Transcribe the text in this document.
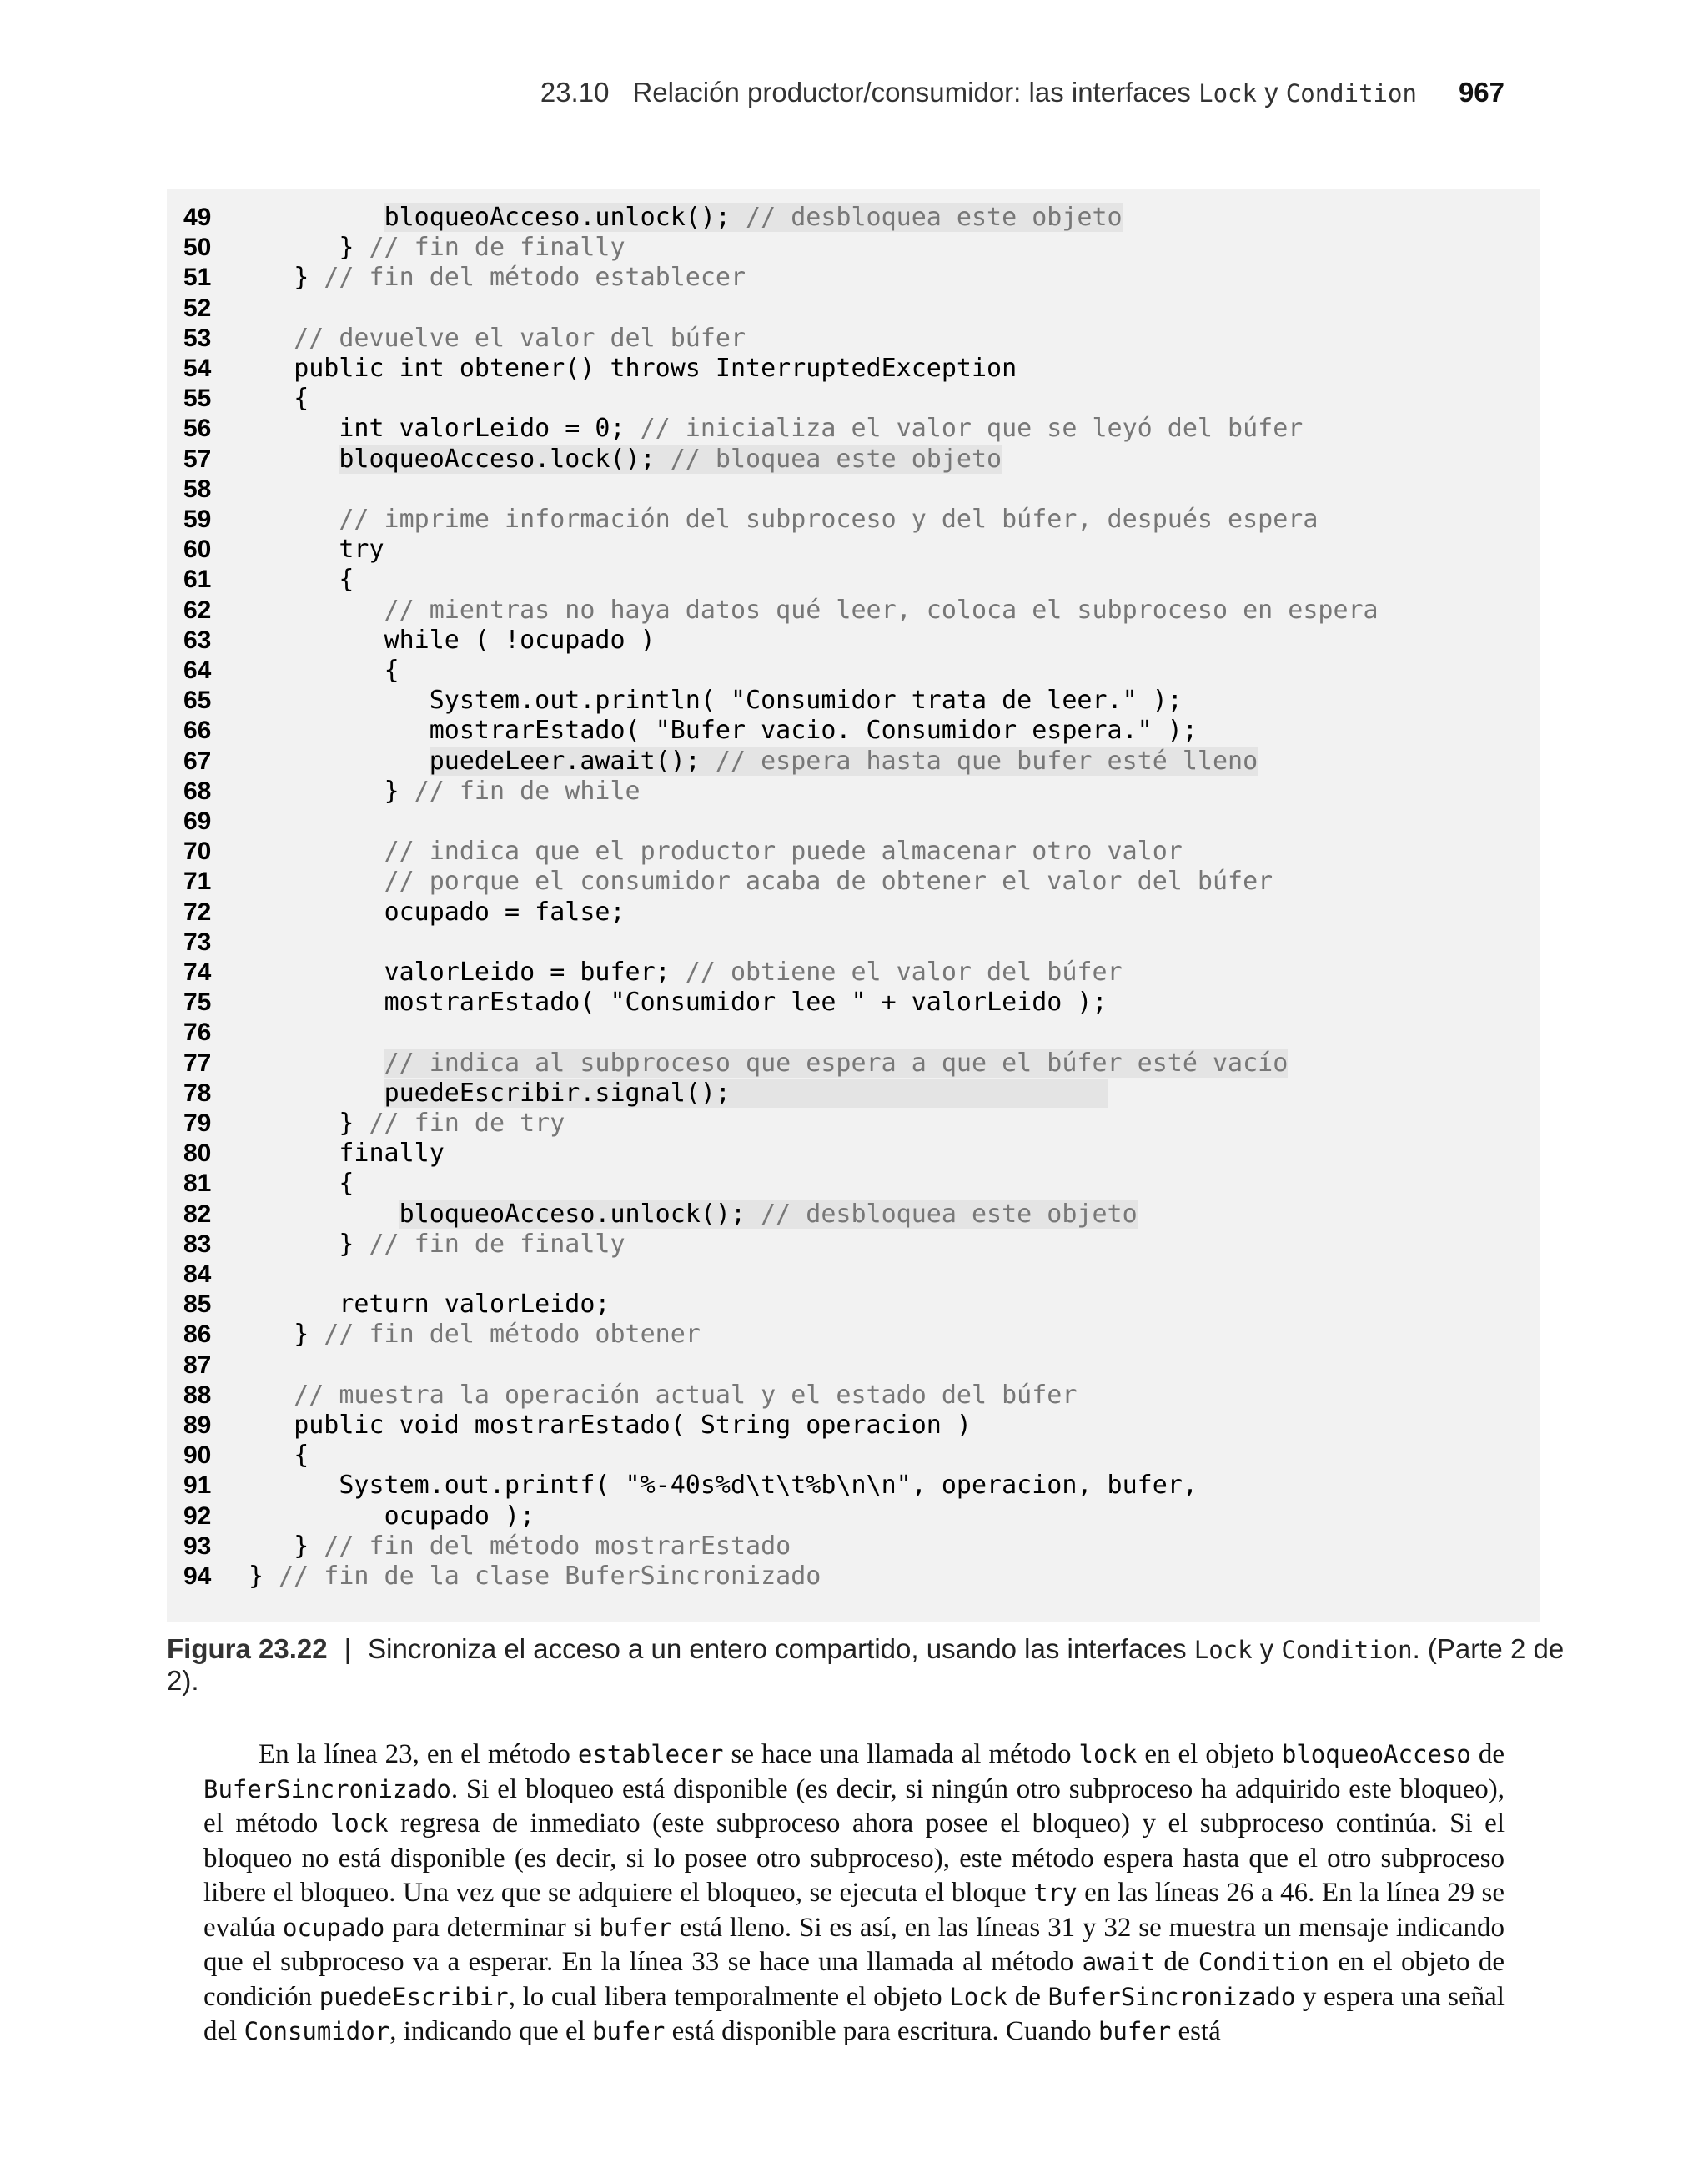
23.10 Relación productor/consumidor: las interfaces Lock y Condition 967
49	bloqueoAcceso.unlock(); // desbloquea este objeto
50	} // fin de finally
51	} // fin del método establecer
52
53	// devuelve el valor del búfer
54	public int obtener() throws InterruptedException
55	{
56	int valorLeido = 0; // inicializa el valor que se leyó del búfer
57	bloqueoAcceso.lock(); // bloquea este objeto
58
59	// imprime información del subproceso y del búfer, después espera
60	try
61	{
62	// mientras no haya datos qué leer, coloca el subproceso en espera
63	while ( !ocupado )
64	{
65	System.out.println( "Consumidor trata de leer." );
66	mostrarEstado( "Bufer vacio. Consumidor espera." );
67	puedeLeer.await(); // espera hasta que bufer esté lleno
68	} // fin de while
69
70	// indica que el productor puede almacenar otro valor
71	// porque el consumidor acaba de obtener el valor del búfer
72	ocupado = false;
73
74	valorLeido = bufer; // obtiene el valor del búfer
75	mostrarEstado( "Consumidor lee " + valorLeido );
76
77	// indica al subproceso que espera a que el búfer esté vacío
78	puedeEscribir.signal();
79	} // fin de try
80	finally
81	{
82	bloqueoAcceso.unlock(); // desbloquea este objeto
83	} // fin de finally
84
85	return valorLeido;
86	} // fin del método obtener
87
88	// muestra la operación actual y el estado del búfer
89	public void mostrarEstado( String operacion )
90	{
91	System.out.printf( "%-40s%d\t\t%b\n\n", operacion, bufer,
92	ocupado );
93	} // fin del método mostrarEstado
94	} // fin de la clase BuferSincronizado
Figura 23.22 | Sincroniza el acceso a un entero compartido, usando las interfaces Lock y Condition. (Parte 2 de 2).

En la línea 23, en el método establecer se hace una llamada al método lock en el objeto bloqueoAcceso de BuferSincronizado. Si el bloqueo está disponible (es decir, si ningún otro subproceso ha adquirido este bloqueo), el método lock regresa de inmediato (este subproceso ahora posee el bloqueo) y el subproceso continúa. Si el bloqueo no está disponible (es decir, si lo posee otro subproceso), este método espera hasta que el otro subproceso libere el bloqueo. Una vez que se adquiere el bloqueo, se ejecuta el bloque try en las líneas 26 a 46. En la línea 29 se evalúa ocupado para determinar si bufer está lleno. Si es así, en las líneas 31 y 32 se muestra un mensaje indicando que el subproceso va a esperar. En la línea 33 se hace una llamada al método await de Condition en el objeto de condición puedeEscribir, lo cual libera temporalmente el objeto Lock de BuferSincronizado y espera una señal del Consumidor, indicando que el bufer está disponible para escritura. Cuando bufer está
